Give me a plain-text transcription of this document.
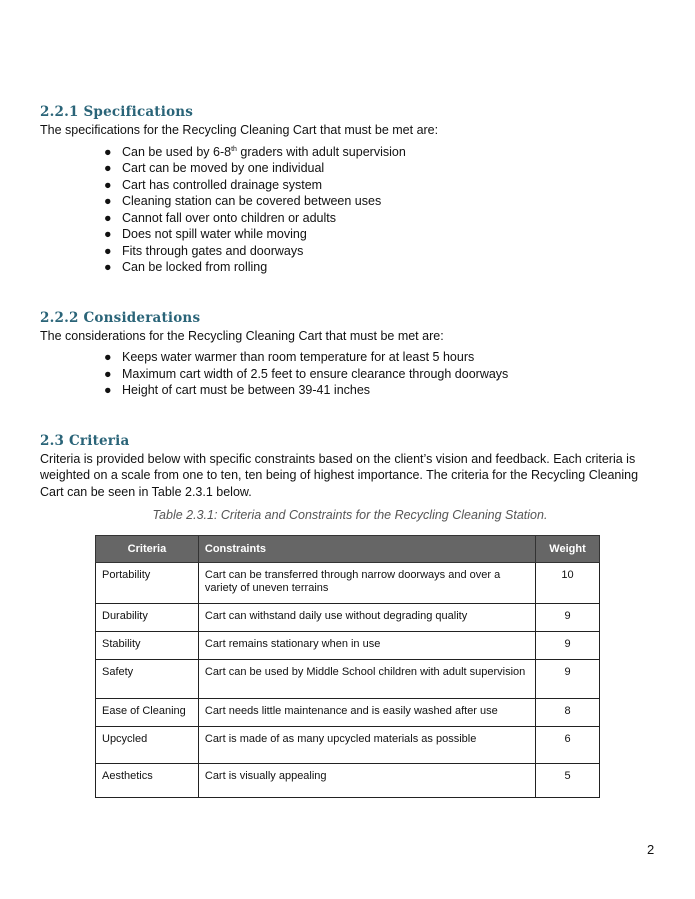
2.2.1 Specifications

The specifications for the Recycling Cleaning Cart that must be met are:

● Can be used by 6-8th graders with adult supervision
● Cart can be moved by one individual
● Cart has controlled drainage system
● Cleaning station can be covered between uses
● Cannot fall over onto children or adults
● Does not spill water while moving
● Fits through gates and doorways
● Can be locked from rolling
2.2.2 Considerations

The considerations for the Recycling Cleaning Cart that must be met are:

● Keeps water warmer than room temperature for at least 5 hours
● Maximum cart width of 2.5 feet to ensure clearance through doorways
● Height of cart must be between 39-41 inches
2.3 Criteria

Criteria is provided below with specific constraints based on the client’s vision and feedback. Each criteria is weighted on a scale from one to ten, ten being of highest importance. The criteria for the Recycling Cleaning Cart can be seen in Table 2.3.1 below.

Table 2.3.1: Criteria and Constraints for the Recycling Cleaning Station.
Criteria	Constraints	Weight
Portability	Cart can be transferred through narrow doorways and over a variety of uneven terrains	10
Durability	Cart can withstand daily use without degrading quality	9
Stability	Cart remains stationary when in use	9
Safety	Cart can be used by Middle School children with adult supervision	9
Ease of Cleaning	Cart needs little maintenance and is easily washed after use	8
Upcycled	Cart is made of as many upcycled materials as possible	6
Aesthetics	Cart is visually appealing	5
2
